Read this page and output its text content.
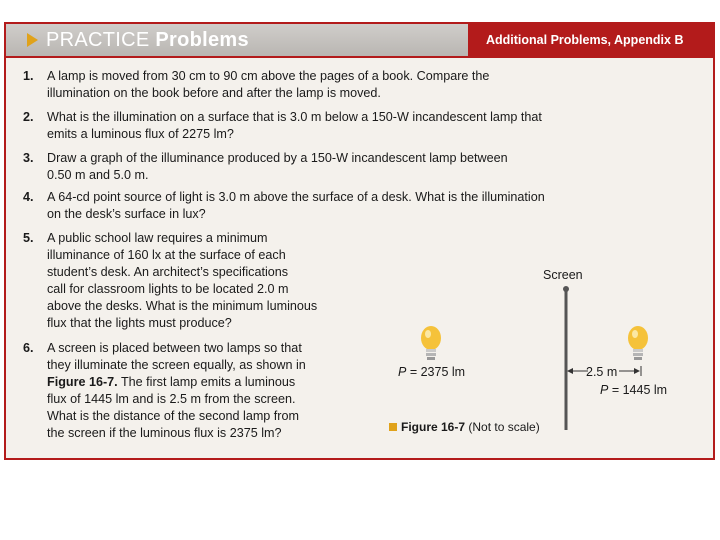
PRACTICE Problems	Additional Problems, Appendix B
1. A lamp is moved from 30 cm to 90 cm above the pages of a book. Compare the
illumination on the book before and after the lamp is moved.
2. What is the illumination on a surface that is 3.0 m below a 150-W incandescent lamp that
emits a luminous flux of 2275 lm?
3. Draw a graph of the illuminance produced by a 150-W incandescent lamp between
0.50 m and 5.0 m.
4. A 64-cd point source of light is 3.0 m above the surface of a desk. What is the illumination
on the desk’s surface in lux?
5. A public school law requires a minimum
illuminance of 160 lx at the surface of each
student’s desk. An architect’s specifications
call for classroom lights to be located 2.0 m
above the desks. What is the minimum luminous
flux that the lights must produce?
6. A screen is placed between two lamps so that
they illuminate the screen equally, as shown in
Figure 16-7. The first lamp emits a luminous
flux of 1445 lm and is 2.5 m from the screen.
What is the distance of the second lamp from
the screen if the luminous flux is 2375 lm?
Screen
P = 2375 lm	2.5 m
P = 1445 lm
Figure 16-7 (Not to scale)
